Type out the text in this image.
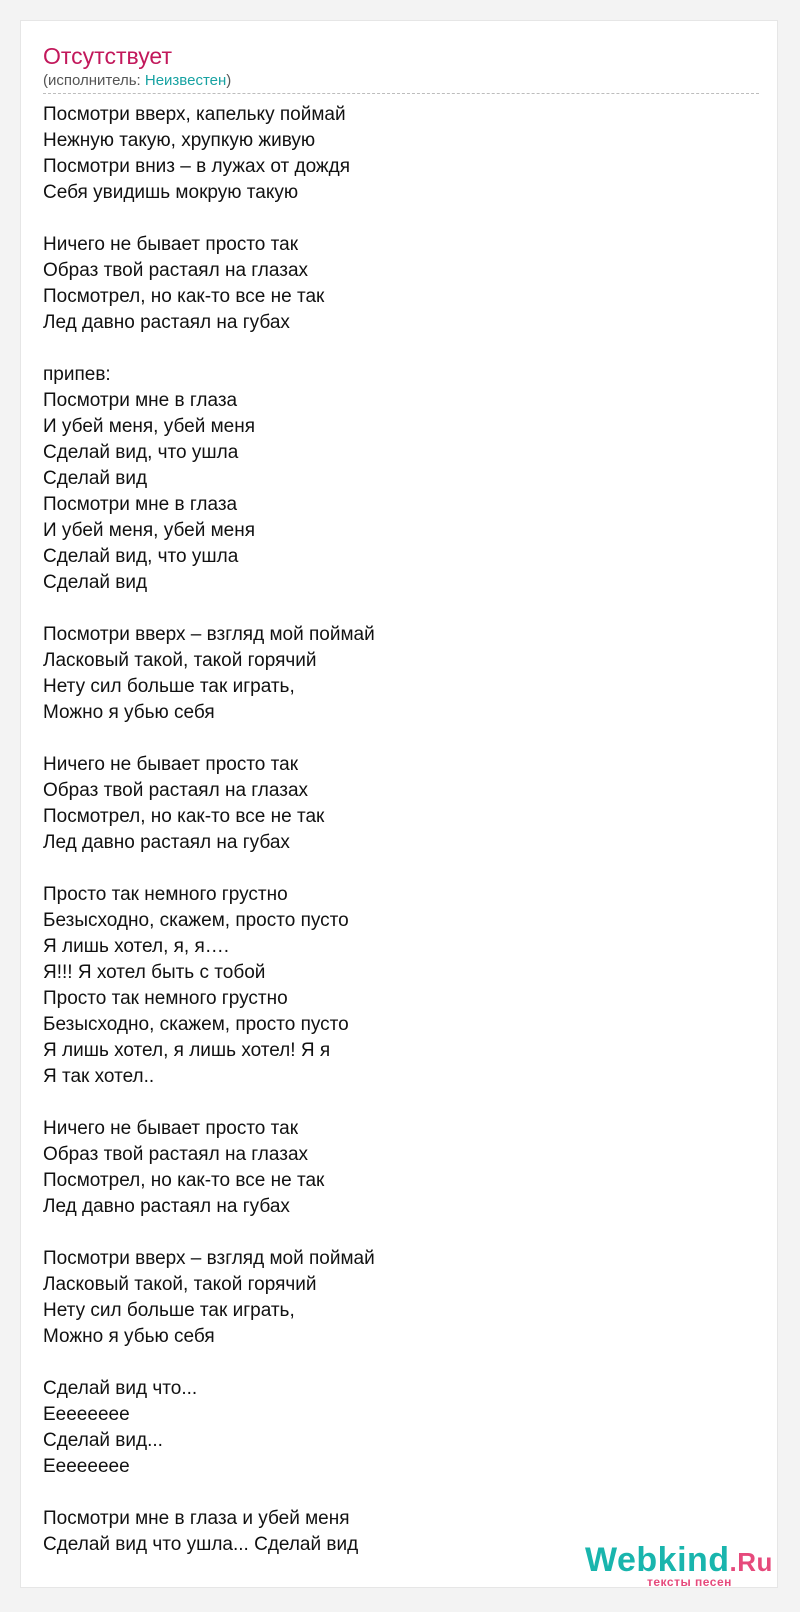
Отсутствует
(исполнитель: Неизвестен)
Посмотри вверх, капельку поймай
Нежную такую, хрупкую живую
Посмотри вниз – в лужах от дождя
Себя увидишь мокрую такую
Ничего не бывает просто так
Образ твой растаял на глазах
Посмотрел, но как-то все не так
Лед давно растаял на губах
припев:
Посмотри мне в глаза
И убей меня, убей меня
Сделай вид, что ушла
Сделай вид
Посмотри мне в глаза
И убей меня, убей меня
Сделай вид, что ушла
Сделай вид
Посмотри вверх – взгляд мой поймай
Ласковый такой, такой горячий
Нету сил больше так играть,
Можно я убью себя
Ничего не бывает просто так
Образ твой растаял на глазах
Посмотрел, но как-то все не так
Лед давно растаял на губах
Просто так немного грустно
Безысходно, скажем, просто пусто
Я лишь хотел, я, я….
Я!!! Я хотел быть с тобой
Просто так немного грустно
Безысходно, скажем, просто пусто
Я лишь хотел, я лишь хотел! Я я
Я так хотел..
Ничего не бывает просто так
Образ твой растаял на глазах
Посмотрел, но как-то все не так
Лед давно растаял на губах
Посмотри вверх – взгляд мой поймай
Ласковый такой, такой горячий
Нету сил больше так играть,
Можно я убью себя
Сделай вид что...
Еееееееe
Сделай вид...
Еееееееe
Посмотри мне в глаза и убей меня
Сделай вид что ушла... Сделай вид	Webkind.Ru
тексты песен
